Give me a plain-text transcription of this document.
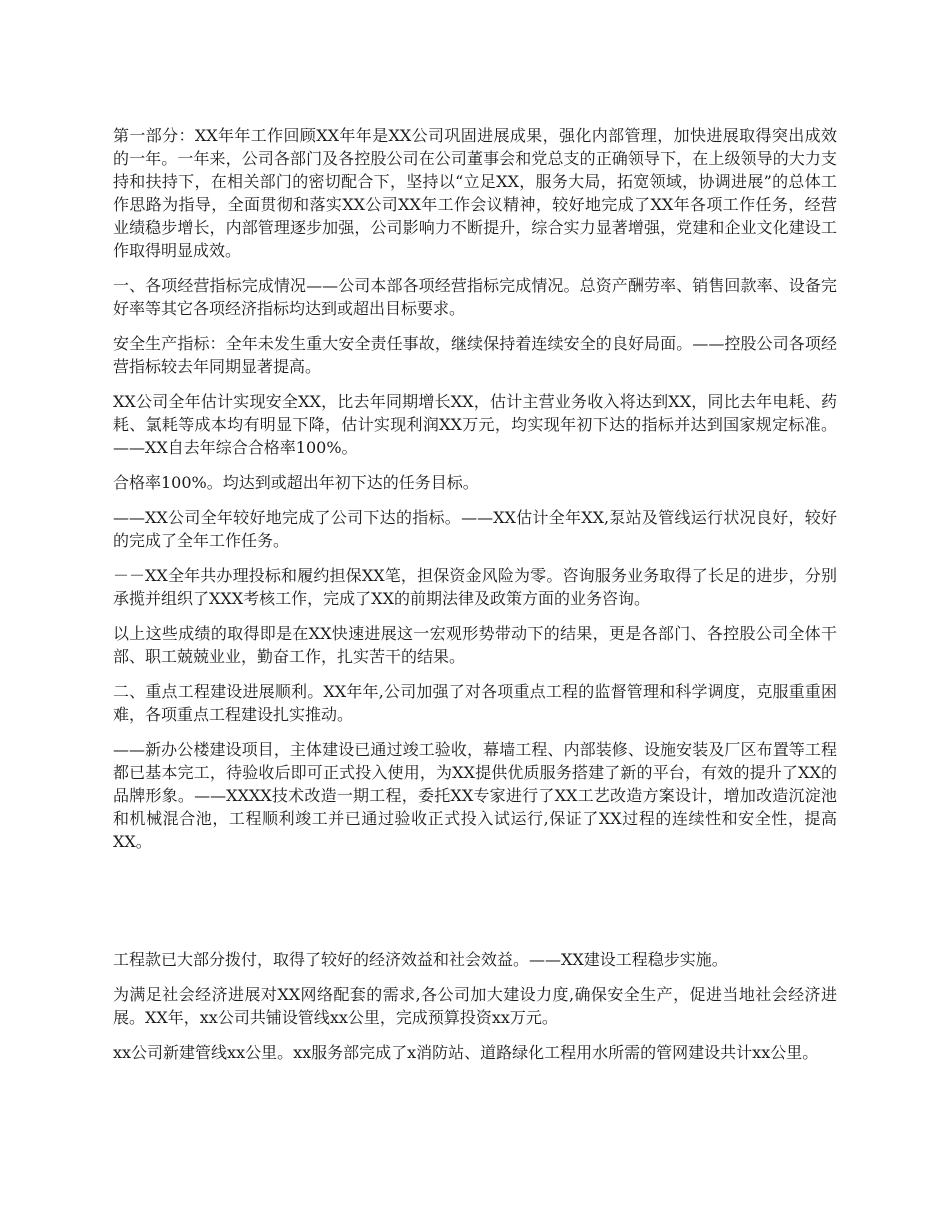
第一部分：XX年年工作回顾XX年年是XX公司巩固进展成果，强化内部管理，加快进展取得突出成效的一年。一年来，公司各部门及各控股公司在公司董事会和党总支的正确领导下，在上级领导的大力支持和扶持下，在相关部门的密切配合下，坚持以“立足XX，服务大局，拓宽领域，协调进展”的总体工作思路为指导，全面贯彻和落实XX公司XX年工作会议精神，较好地完成了XX年各项工作任务，经营业绩稳步增长，内部管理逐步加强，公司影响力不断提升，综合实力显著增强，党建和企业文化建设工作取得明显成效。

一、各项经营指标完成情况——公司本部各项经营指标完成情况。总资产酬劳率、销售回款率、设备完好率等其它各项经济指标均达到或超出目标要求。

安全生产指标：全年未发生重大安全责任事故，继续保持着连续安全的良好局面。——控股公司各项经营指标较去年同期显著提高。

XX公司全年估计实现安全XX，比去年同期增长XX，估计主营业务收入将达到XX，同比去年电耗、药耗、氯耗等成本均有明显下降，估计实现利润XX万元，均实现年初下达的指标并达到国家规定标准。——XX自去年综合合格率100%。

合格率100%。均达到或超出年初下达的任务目标。

——XX公司全年较好地完成了公司下达的指标。——XX估计全年XX,泵站及管线运行状况良好，较好的完成了全年工作任务。

－－XX全年共办理投标和履约担保XX笔，担保资金风险为零。咨询服务业务取得了长足的进步，分别承揽并组织了XXX考核工作，完成了XX的前期法律及政策方面的业务咨询。

以上这些成绩的取得即是在XX快速进展这一宏观形势带动下的结果，更是各部门、各控股公司全体干部、职工兢兢业业，勤奋工作，扎实苦干的结果。

二、重点工程建设进展顺利。XX年年,公司加强了对各项重点工程的监督管理和科学调度，克服重重困难，各项重点工程建设扎实推动。

——新办公楼建设项目，主体建设已通过竣工验收，幕墙工程、内部装修、设施安装及厂区布置等工程都已基本完工，待验收后即可正式投入使用，为XX提供优质服务搭建了新的平台，有效的提升了XX的品牌形象。——XXXX技术改造一期工程，委托XX专家进行了XX工艺改造方案设计，增加改造沉淀池和机械混合池，工程顺利竣工并已通过验收正式投入试运行,保证了XX过程的连续性和安全性，提高XX。

工程款已大部分拨付，取得了较好的经济效益和社会效益。——XX建设工程稳步实施。

为满足社会经济进展对XX网络配套的需求,各公司加大建设力度,确保安全生产，促进当地社会经济进展。XX年，xx公司共铺设管线xx公里，完成预算投资xx万元。

xx公司新建管线xx公里。xx服务部完成了x消防站、道路绿化工程用水所需的管网建设共计xx公里。
